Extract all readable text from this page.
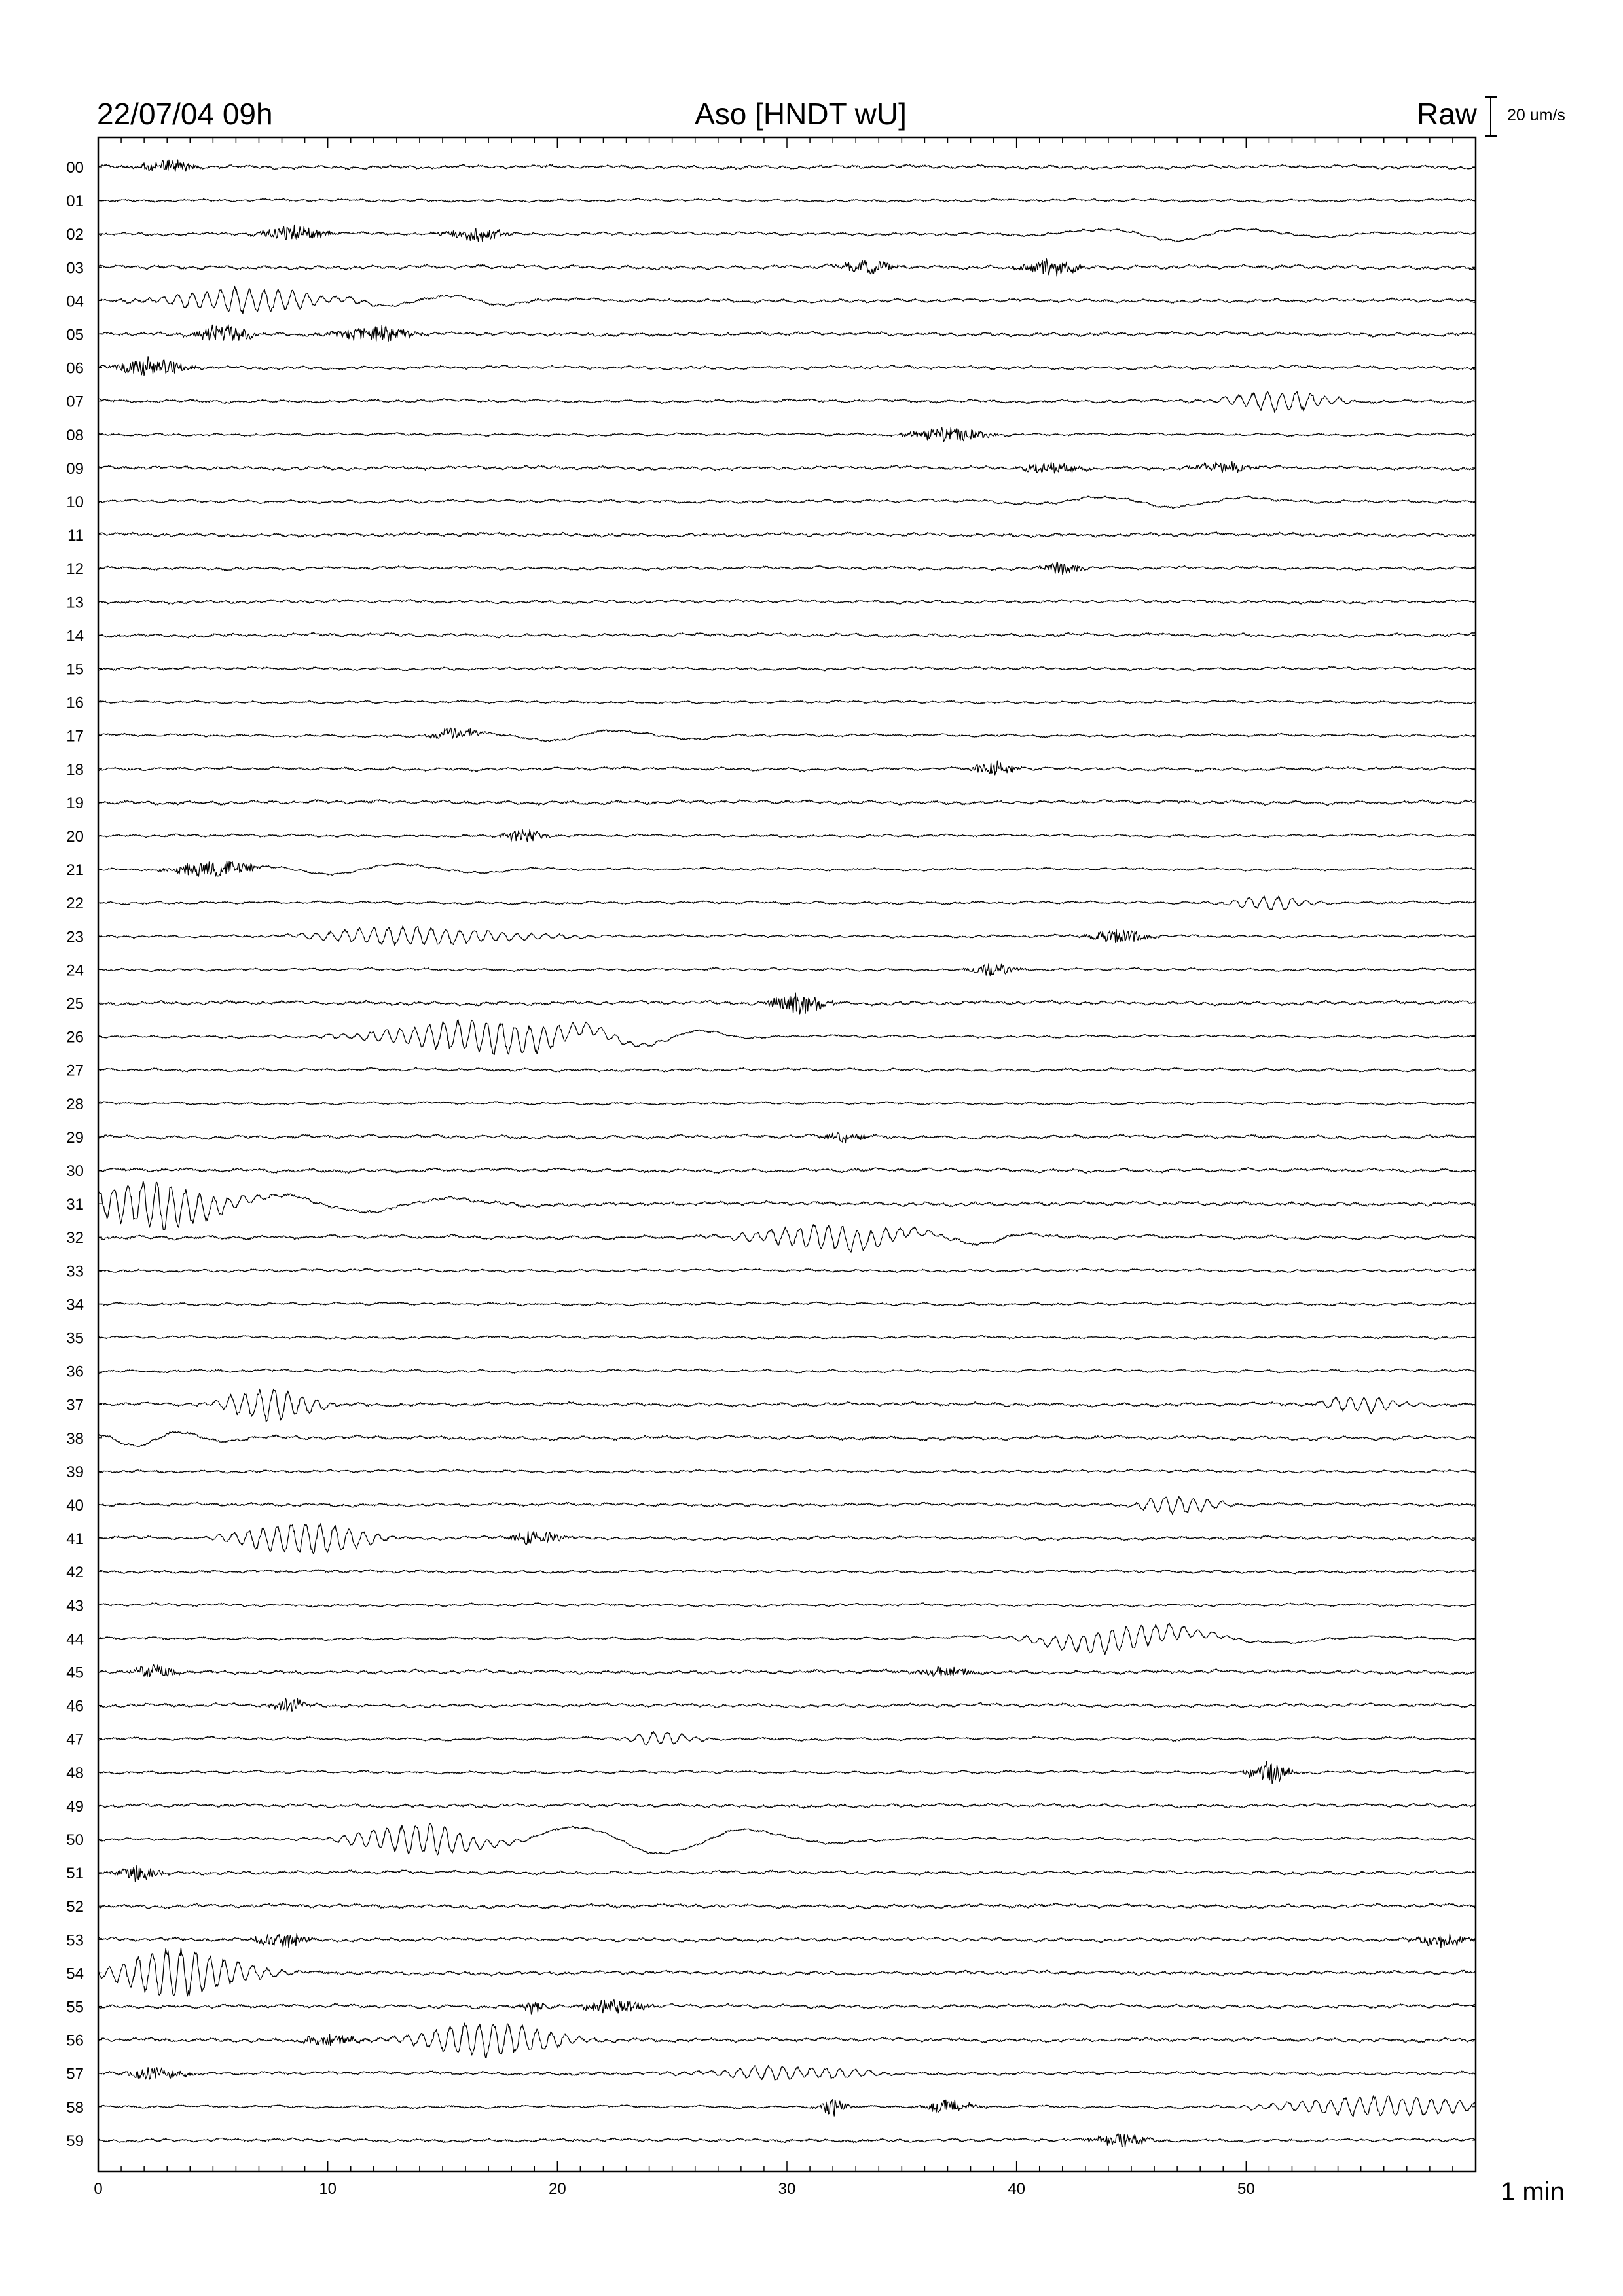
22/07/04 09h	Aso [HNDT wU]	Raw 20 um/s
00
01
02
03
04
05
06
07
08
09
10
11
12
13
14
15
16
17
18
19
20
21
22
23
24
25
26
27
28
29
30
31
32
33
34
35
36
37
38
39
40
41
42
43
44
45
46
47
48
49
50
51
52
53
54
55
56
57
58
59
0	10	20	30	40	50	1 min
